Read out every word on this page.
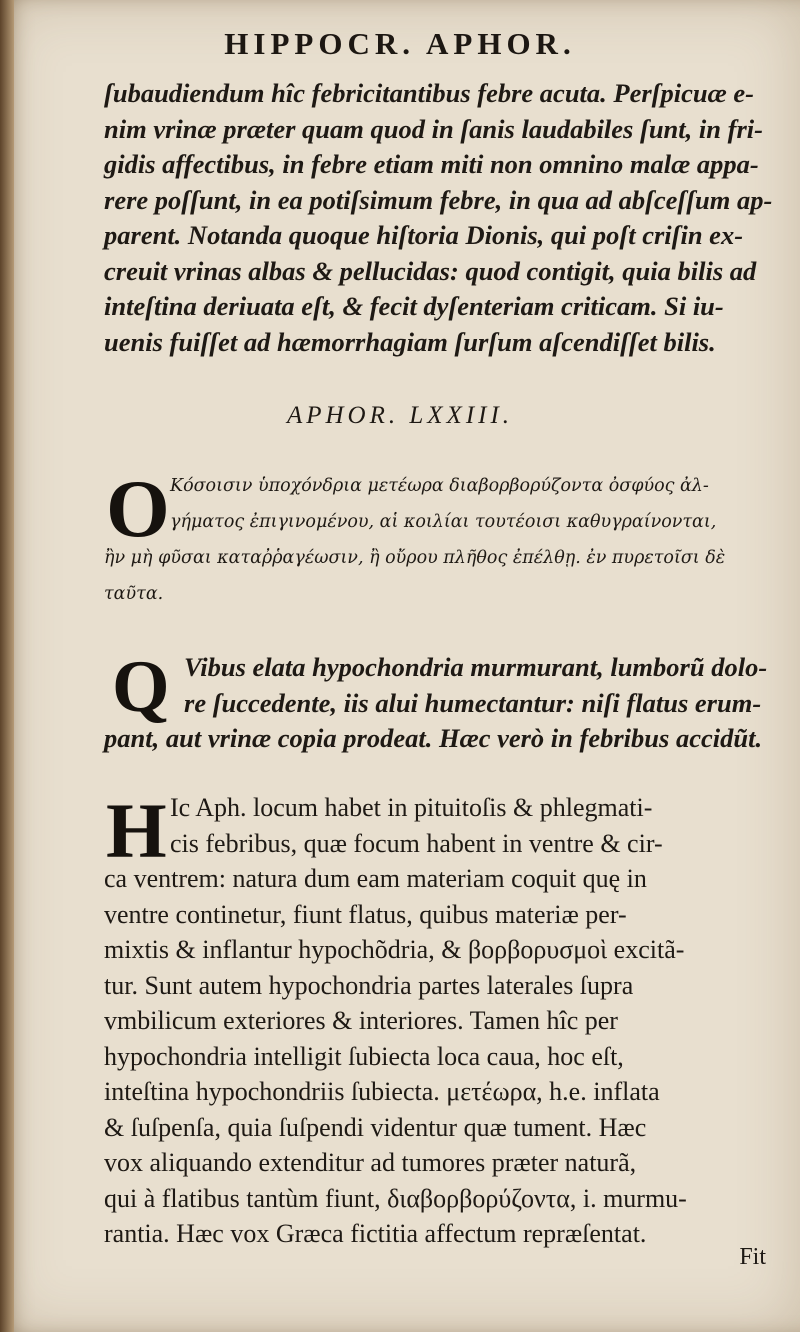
HIPPOCR. APHOR.
ſubaudiendum hîc febricitantibus febre acuta. Perſpicuæ e-
nim vrinæ præter quam quod in ſanis laudabiles ſunt, in fri-
gidis affectibus, in febre etiam miti non omnino malæ appa-
rere poſſunt, in ea potiſsimum febre, in qua ad abſceſſum ap-
parent. Notanda quoque hiſtoria Dionis, qui poſt criſin ex-
creuit vrinas albas & pellucidas: quod contigit, quia bilis ad
inteſtina deriuata eſt, & fecit dyſenteriam criticam. Si iu-
uenis fuiſſet ad hæmorrhagiam ſurſum aſcendiſſet bilis.
APHOR. LXXIII.
O Κόσοισιν ὑποχόνδρια μετέωρα διαβορβορύζοντα ὀσφύος ἀλ-
γήματος ἐπιγινομένου, αἱ κοιλίαι τουτέοισι καθυγραίνονται,
ἢν μὴ φῦσαι καταῤῥαγέωσιν, ἢ οὔρου πλῆθος ἐπέλθῃ. ἐν πυρετοῖσι δὲ
ταῦτα.
Q Vibus elata hypochondria murmurant, lumborũ dolo-
re ſuccedente, iis alui humectantur: niſi flatus erum-
pant, aut vrinæ copia prodeat. Hæc verò in febribus accidũt.
H Ic Aph. locum habet in pituitoſis & phlegmati-
cis febribus, quæ focum habent in ventre & cir-
ca ventrem: natura dum eam materiam coquit quę in
ventre continetur, fiunt flatus, quibus materiæ per-
mixtis & inflantur hypochõdria, & βορβορυσμοὶ excitã-
tur. Sunt autem hypochondria partes laterales ſupra
vmbilicum exteriores & interiores. Tamen hîc per
hypochondria intelligit ſubiecta loca caua, hoc eſt,
inteſtina hypochondriis ſubiecta. μετέωρα, h.e. inflata
& ſuſpenſa, quia ſuſpendi videntur quæ tument. Hæc
vox aliquando extenditur ad tumores præter naturã,
qui à flatibus tantùm fiunt, διαβορβορύζοντα, i. murmu-
rantia. Hæc vox Græca fictitia affectum repræſentat.
Fit
